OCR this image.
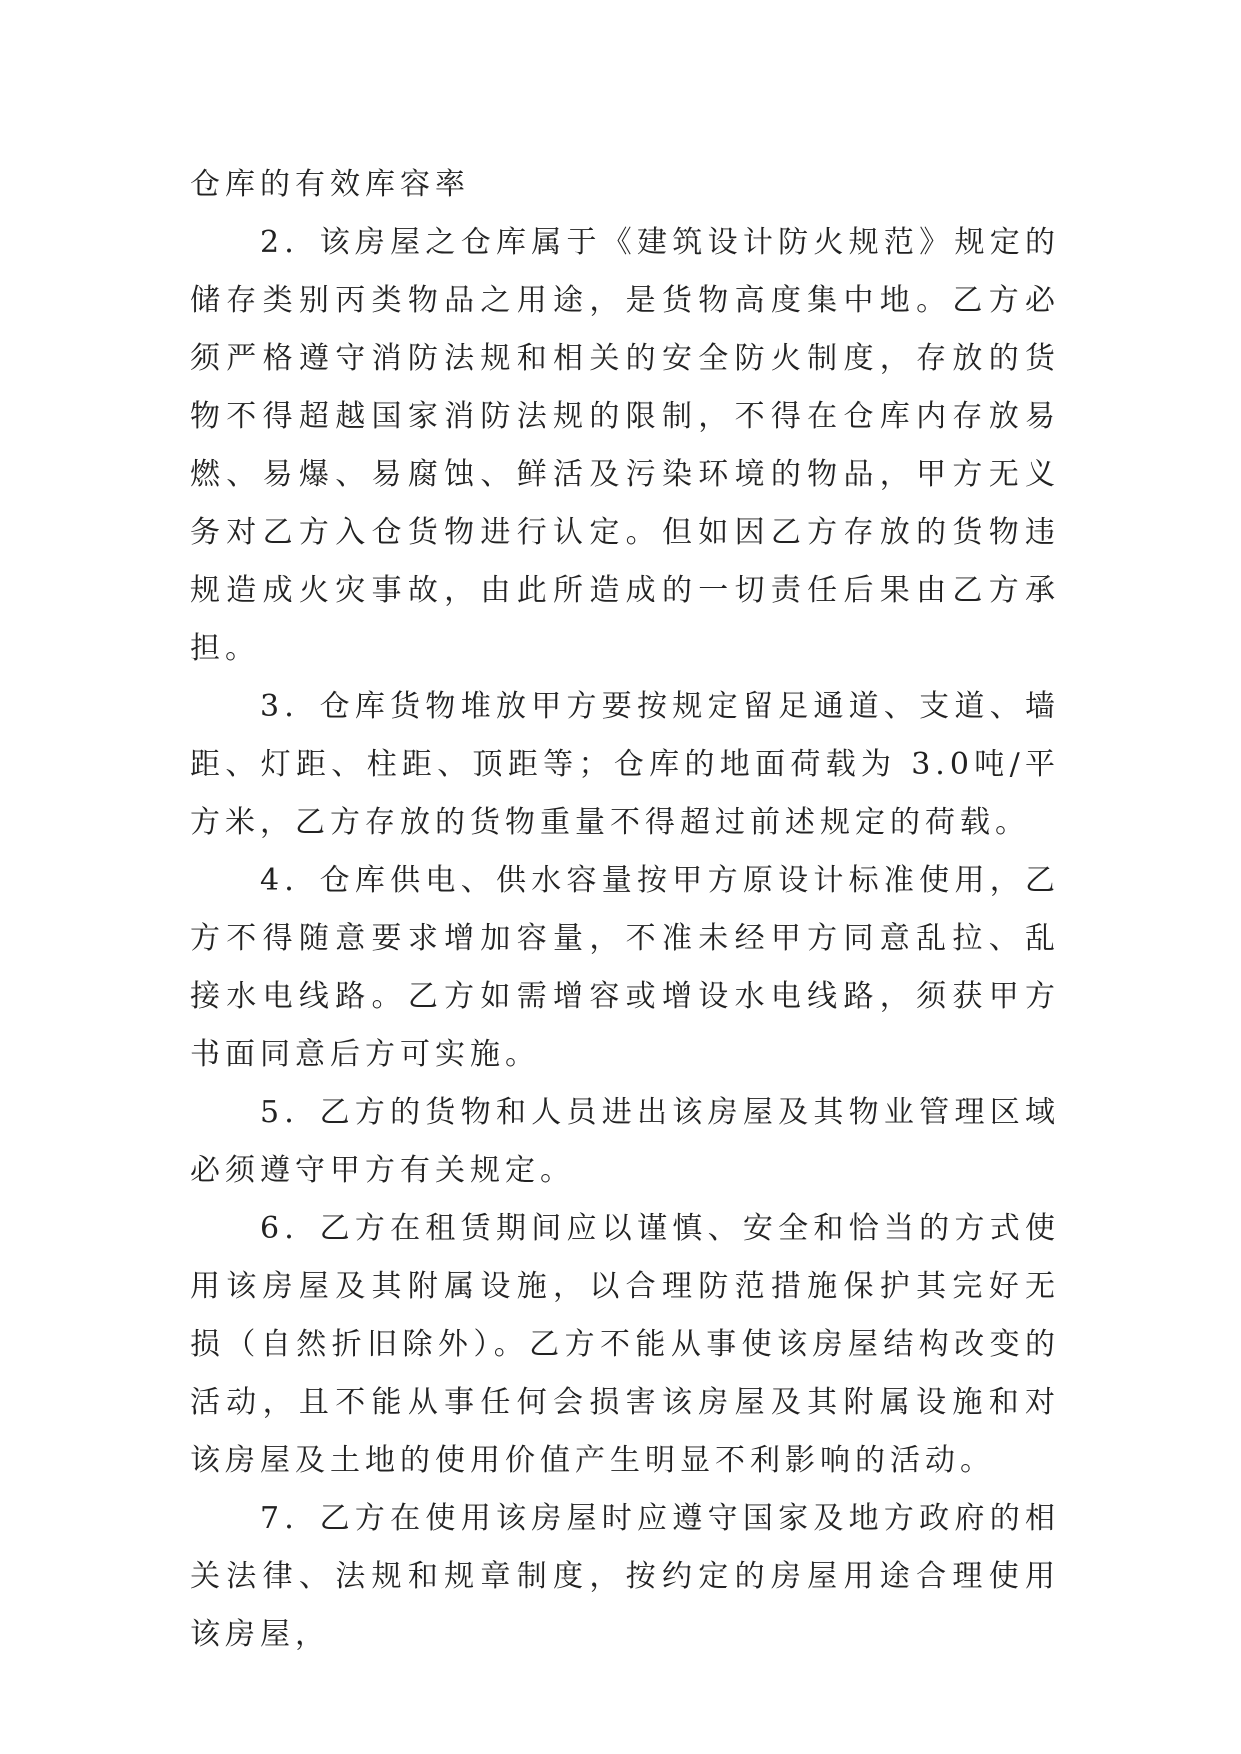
仓库的有效库容率

2．该房屋之仓库属于《建筑设计防火规范》规定的储存类别丙类物品之用途，是货物高度集中地。乙方必须严格遵守消防法规和相关的安全防火制度，存放的货物不得超越国家消防法规的限制，不得在仓库内存放易燃、易爆、易腐蚀、鲜活及污染环境的物品，甲方无义务对乙方入仓货物进行认定。但如因乙方存放的货物违规造成火灾事故，由此所造成的一切责任后果由乙方承担。

3．仓库货物堆放甲方要按规定留足通道、支道、墙距、灯距、柱距、顶距等；仓库的地面荷载为 3.0吨/平方米，乙方存放的货物重量不得超过前述规定的荷载。

4．仓库供电、供水容量按甲方原设计标准使用，乙方不得随意要求增加容量，不准未经甲方同意乱拉、乱接水电线路。乙方如需增容或增设水电线路，须获甲方书面同意后方可实施。

5．乙方的货物和人员进出该房屋及其物业管理区域必须遵守甲方有关规定。

6．乙方在租赁期间应以谨慎、安全和恰当的方式使用该房屋及其附属设施，以合理防范措施保护其完好无损（自然折旧除外）。乙方不能从事使该房屋结构改变的活动，且不能从事任何会损害该房屋及其附属设施和对该房屋及土地的使用价值产生明显不利影响的活动。

7．乙方在使用该房屋时应遵守国家及地方政府的相关法律、法规和规章制度，按约定的房屋用途合理使用该房屋，
